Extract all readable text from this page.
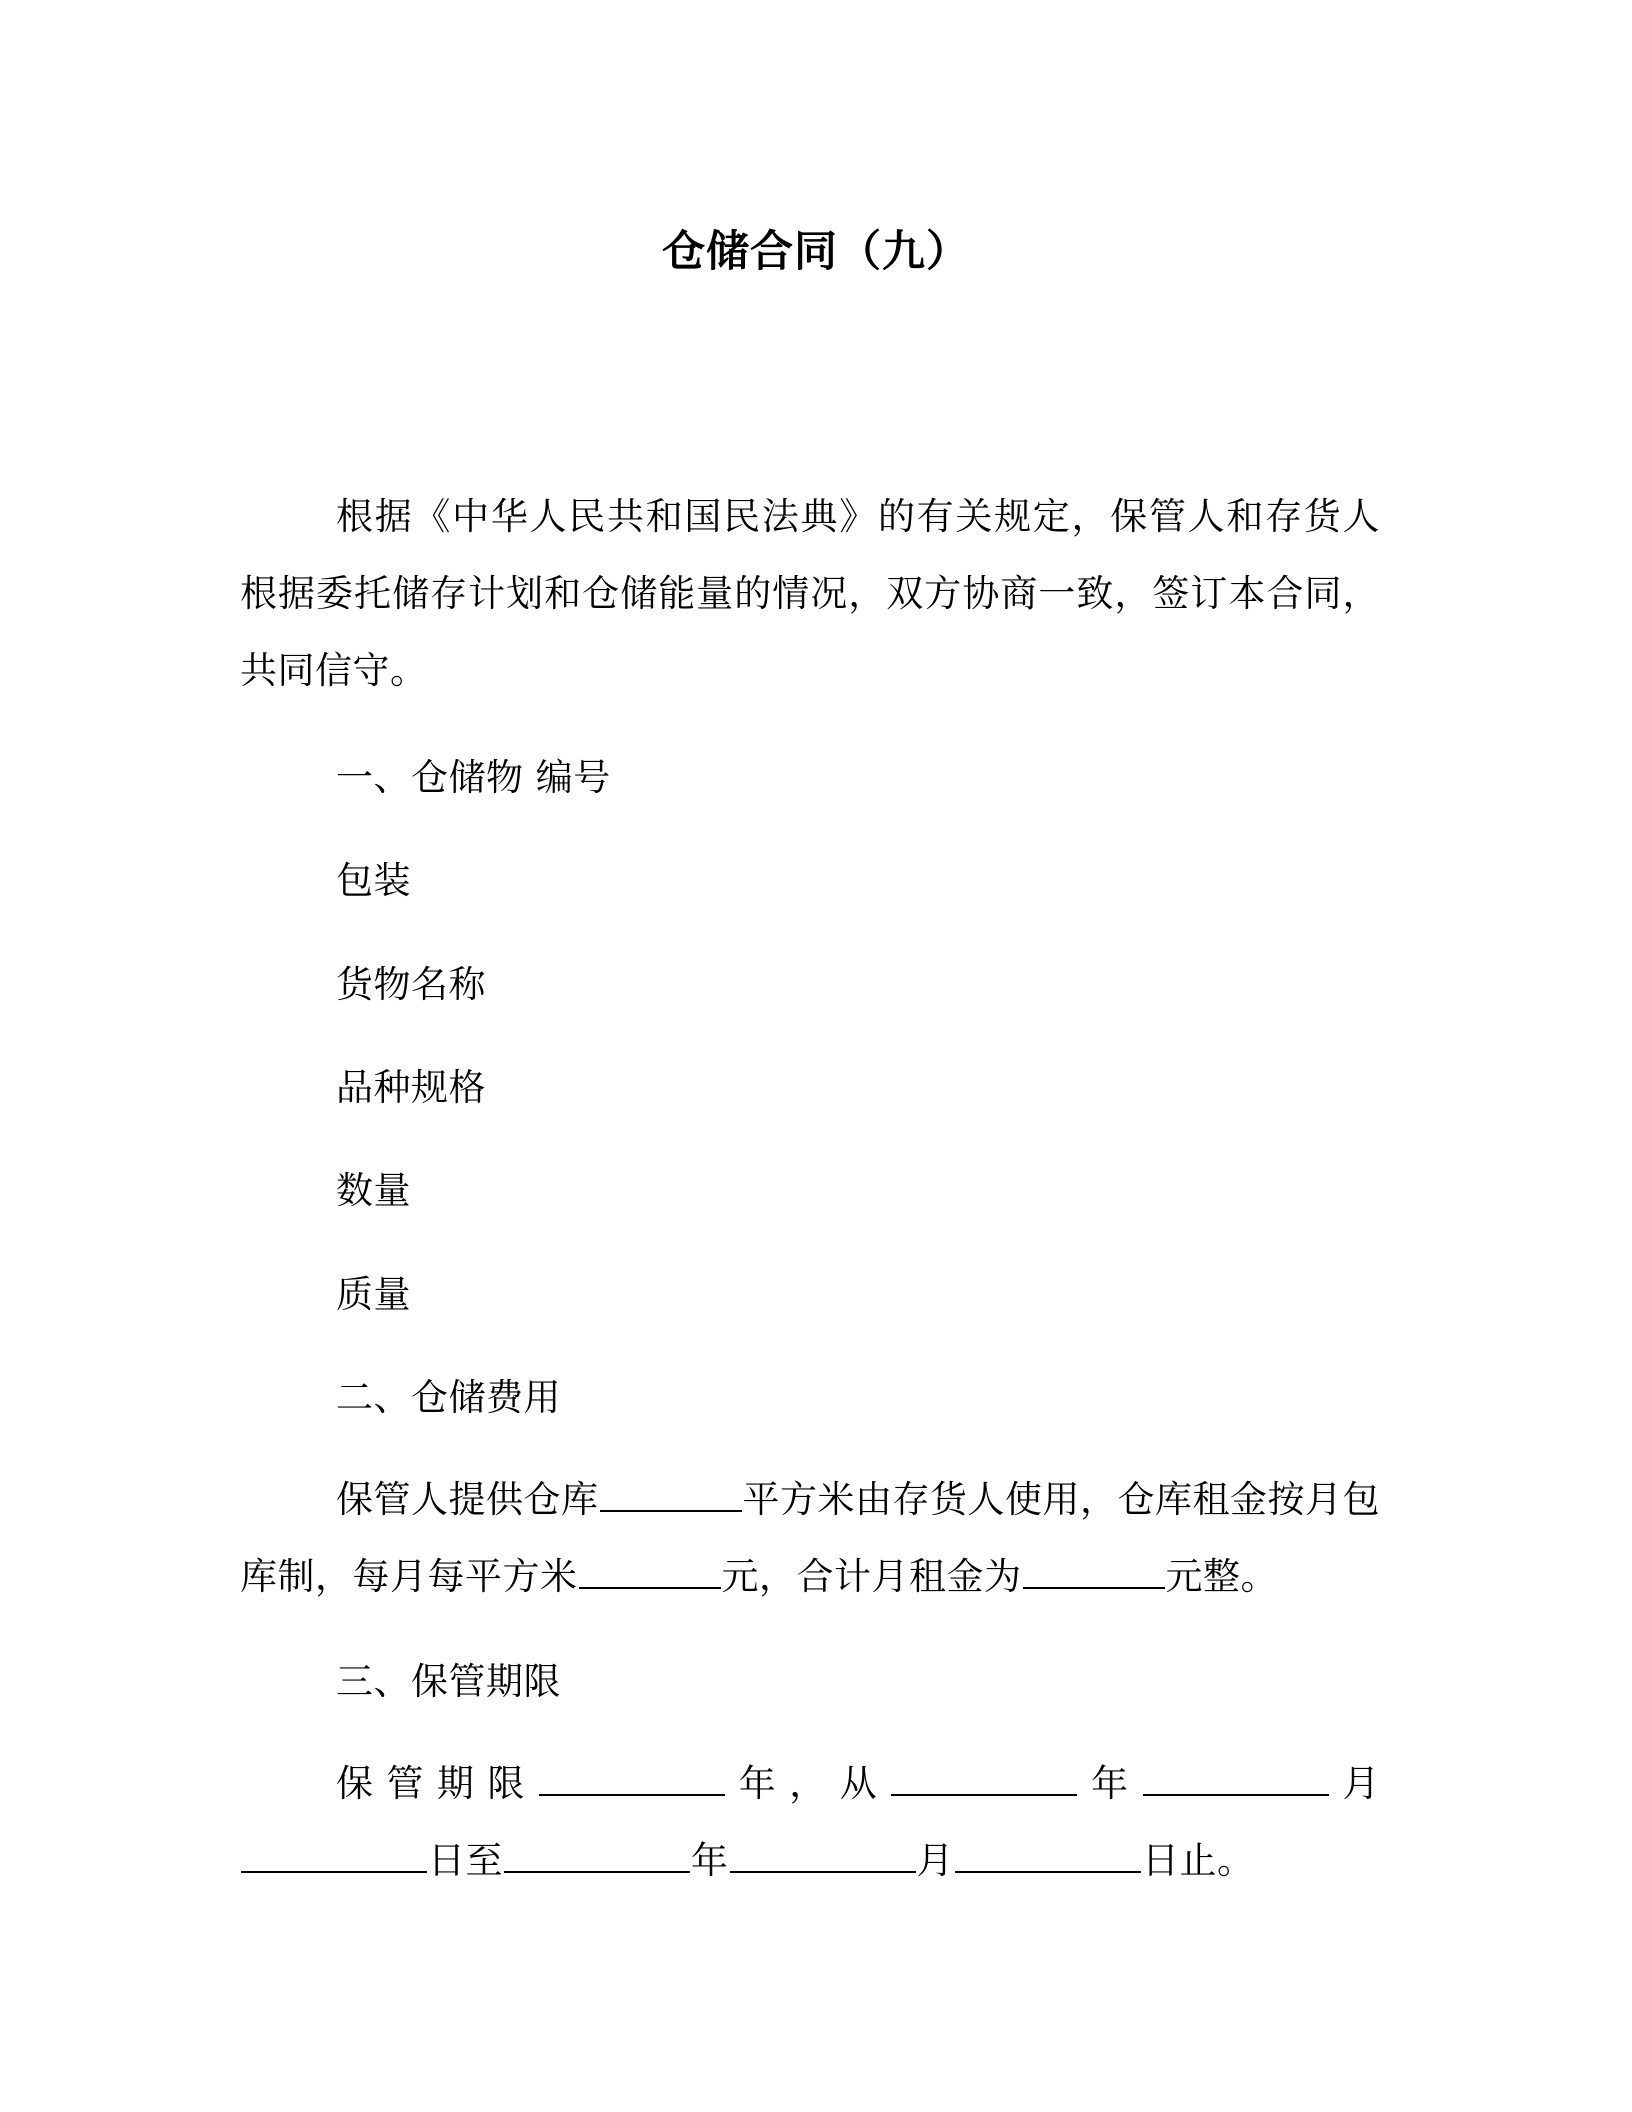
仓储合同（九）

根据《中华人民共和国民法典》的有关规定，保管人和存货人根据委托储存计划和仓储能量的情况，双方协商一致，签订本合同，共同信守。

一、仓储物 编号
包装
货物名称
品种规格
数量
质量
二、仓储费用

保管人提供仓库	平方米由存货人使用，仓库租金按月包库制，每月每平方米	元，合计月租金为	元整。

三、保管期限

保管期限	年，从	年	月日至	年	月	日止。
